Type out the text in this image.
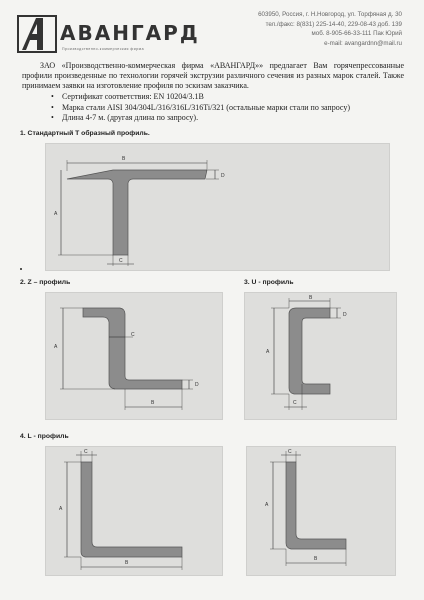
АВАНГАРД
Производственно-коммерческая фирма
603950, Россия, г. Н.Новгород, ул. Торфяная д. 30
тел./факс: 8(831) 225-14-40, 229-08-43 доб. 139
моб. 8-905-66-33-111 Пак Юрий
e-mail: avangardnn@mail.ru
ЗАО «Производственно-коммерческая фирма «АВАНГАРД»» предлагает Вам горячепрессованные профили произведенные по технологии горячей экструзии различного сечения из разных марок сталей. Также принимаем заявки на изготовление профиля по эскизам заказчика.
• Сертификат соответствия: EN 10204/3.1В
• Марка стали AISI 304/304L/316/316L/316Ti/321 (остальные марки стали по запросу)
• Длина 4-7 м. (другая длина по запросу).
1. Стандартный Т образный профиль.
B
D
A
C
2. Z – профиль
A
C
D
B
3. U - профиль
B
D
A
C
4. L - профиль
C
A
B
C
A
B
